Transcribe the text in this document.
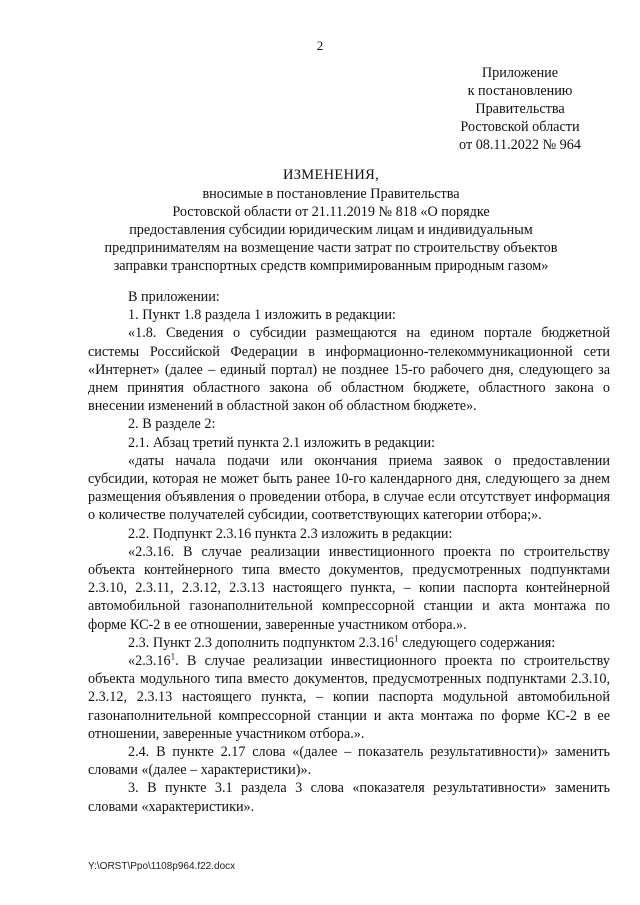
2
Приложение
к постановлению
Правительства
Ростовской области
от 08.11.2022 № 964
ИЗМЕНЕНИЯ,
вносимые в постановление Правительства
Ростовской области от 21.11.2019 № 818 «О порядке
предоставления субсидии юридическим лицам и индивидуальным
предпринимателям на возмещение части затрат по строительству объектов
заправки транспортных средств компримированным природным газом»

В приложении:

1. Пункт 1.8 раздела 1 изложить в редакции:

«1.8. Сведения о субсидии размещаются на едином портале бюджетной системы Российской Федерации в информационно-телекоммуникационной сети «Интернет» (далее – единый портал) не позднее 15-го рабочего дня, следующего за днем принятия областного закона об областном бюджете, областного закона о внесении изменений в областной закон об областном бюджете».

2. В разделе 2:

2.1. Абзац третий пункта 2.1 изложить в редакции:

«даты начала подачи или окончания приема заявок о предоставлении субсидии, которая не может быть ранее 10-го календарного дня, следующего за днем размещения объявления о проведении отбора, в случае если отсутствует информация о количестве получателей субсидии, соответствующих категории отбора;».

2.2. Подпункт 2.3.16 пункта 2.3 изложить в редакции:

«2.3.16. В случае реализации инвестиционного проекта по строительству объекта контейнерного типа вместо документов, предусмотренных подпунктами 2.3.10, 2.3.11, 2.3.12, 2.3.13 настоящего пункта, – копии паспорта контейнерной автомобильной газонаполнительной компрессорной станции и акта монтажа по форме КС-2 в ее отношении, заверенные участником отбора.».

2.3. Пункт 2.3 дополнить подпунктом 2.3.16$^1$ следующего содержания:

«2.3.16$^1$. В случае реализации инвестиционного проекта по строительству объекта модульного типа вместо документов, предусмотренных подпунктами 2.3.10, 2.3.12, 2.3.13 настоящего пункта, – копии паспорта модульной автомобильной газонаполнительной компрессорной станции и акта монтажа по форме КС-2 в ее отношении, заверенные участником отбора.».

2.4. В пункте 2.17 слова «(далее – показатель результативности)» заменить словами «(далее – характеристики)».

3. В пункте 3.1 раздела 3 слова «показателя результативности» заменить словами «характеристики».

Y:\ORST\Ppo\1108p964.f22.docx
